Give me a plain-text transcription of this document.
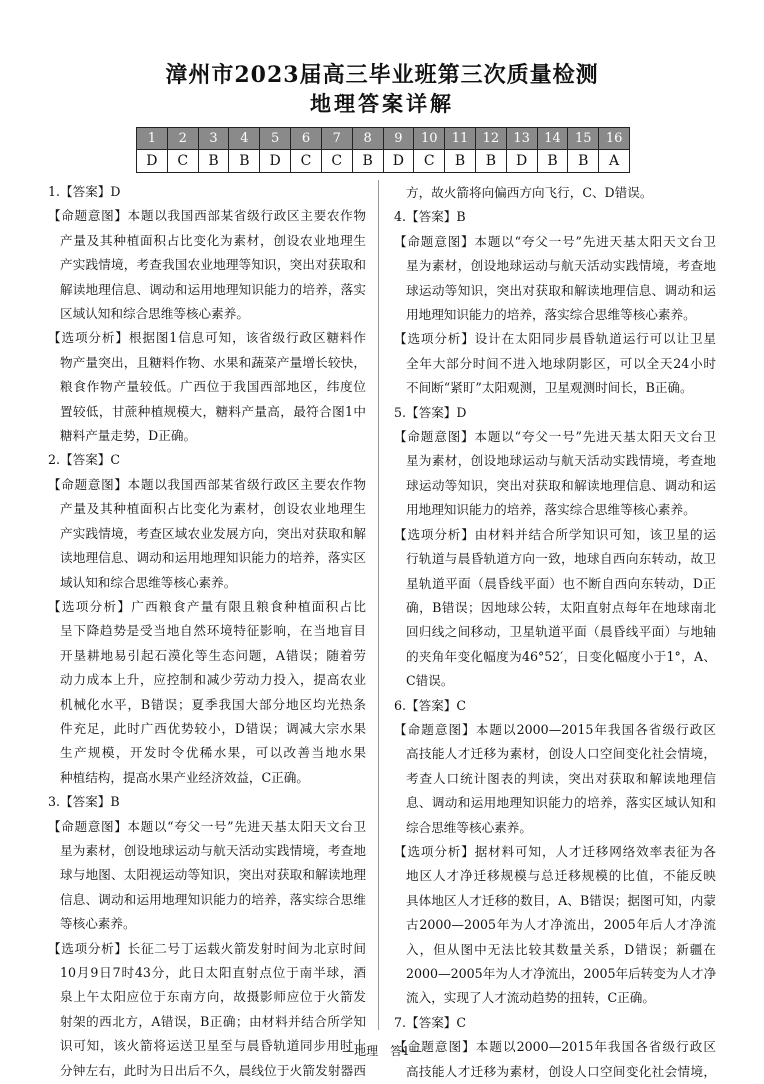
漳州市2023届高三毕业班第三次质量检测
地理答案详解
1	2	3	4	5	6	7	8	9	10	11	12	13	14	15	16
D	C	B	B	D	C	C	B	D	C	B	B	D	B	B	A
1.【答案】D
【命题意图】本题以我国西部某省级行政区主要农作物
产量及其种植面积占比变化为素材，创设农业地理生
产实践情境，考查我国农业地理等知识，突出对获取和
解读地理信息、调动和运用地理知识能力的培养，落实
区域认知和综合思维等核心素养。
【选项分析】根据图1信息可知，该省级行政区糖料作
物产量突出，且糖料作物、水果和蔬菜产量增长较快，
粮食作物产量较低。广西位于我国西部地区，纬度位
置较低，甘蔗种植规模大，糖料产量高，最符合图1中
糖料产量走势，D正确。
2.【答案】C
【命题意图】本题以我国西部某省级行政区主要农作物
产量及其种植面积占比变化为素材，创设农业地理生
产实践情境，考查区域农业发展方向，突出对获取和解
读地理信息、调动和运用地理知识能力的培养，落实区
域认知和综合思维等核心素养。
【选项分析】广西粮食产量有限且粮食种植面积占比
呈下降趋势是受当地自然环境特征影响，在当地盲目
开垦耕地易引起石漠化等生态问题，A错误；随着劳
动力成本上升，应控制和减少劳动力投入，提高农业
机械化水平，B错误；夏季我国大部分地区均光热条
件充足，此时广西优势较小，D错误；调减大宗水果
生产规模，开发时令优稀水果，可以改善当地水果
种植结构，提高水果产业经济效益，C正确。
3.【答案】B
【命题意图】本题以“夸父一号”先进天基太阳天文台卫
星为素材，创设地球运动与航天活动实践情境，考查地
球与地图、太阳视运动等知识，突出对获取和解读地理
信息、调动和运用地理知识能力的培养，落实综合思维
等核心素养。
【选项分析】长征二号丁运载火箭发射时间为北京时间
10月9日7时43分，此日太阳直射点位于南半球，酒
泉上午太阳应位于东南方向，故摄影师应位于火箭发
射架的西北方，A错误，B正确；由材料并结合所学知
识可知，该火箭将运送卫星至与晨昏轨道同步用时十
分钟左右，此时为日出后不久，晨线位于火箭发射器西
方，故火箭将向偏西方向飞行，C、D错误。
4.【答案】B
【命题意图】本题以“夸父一号”先进天基太阳天文台卫
星为素材，创设地球运动与航天活动实践情境，考查地
球运动等知识，突出对获取和解读地理信息、调动和运
用地理知识能力的培养，落实综合思维等核心素养。
【选项分析】设计在太阳同步晨昏轨道运行可以让卫星
全年大部分时间不进入地球阴影区，可以全天24小时
不间断“紧盯”太阳观测，卫星观测时间长，B正确。
5.【答案】D
【命题意图】本题以“夸父一号”先进天基太阳天文台卫
星为素材，创设地球运动与航天活动实践情境，考查地
球运动等知识，突出对获取和解读地理信息、调动和运
用地理知识能力的培养，落实综合思维等核心素养。
【选项分析】由材料并结合所学知识可知，该卫星的运
行轨道与晨昏轨道方向一致，地球自西向东转动，故卫
星轨道平面（晨昏线平面）也不断自西向东转动，D正
确，B错误；因地球公转，太阳直射点每年在地球南北
回归线之间移动，卫星轨道平面（晨昏线平面）与地轴
的夹角年变化幅度为46°52′，日变化幅度小于1°，A、
C错误。
6.【答案】C
【命题意图】本题以2000—2015年我国各省级行政区
高技能人才迁移为素材，创设人口空间变化社会情境，
考查人口统计图表的判读，突出对获取和解读地理信
息、调动和运用地理知识能力的培养，落实区域认知和
综合思维等核心素养。
【选项分析】据材料可知，人才迁移网络效率表征为各
地区人才净迁移规模与总迁移规模的比值，不能反映
具体地区人才迁移的数目，A、B错误；据图可知，内蒙
古2000—2005年为人才净流出，2005年后人才净流
入，但从图中无法比较其数量关系，D错误；新疆在
2000—2005年为人才净流出，2005年后转变为人才净
流入，实现了人才流动趋势的扭转，C正确。
7.【答案】C
【命题意图】本题以2000—2015年我国各省级行政区
高技能人才迁移为素材，创设人口空间变化社会情境，
—地理　答1—
